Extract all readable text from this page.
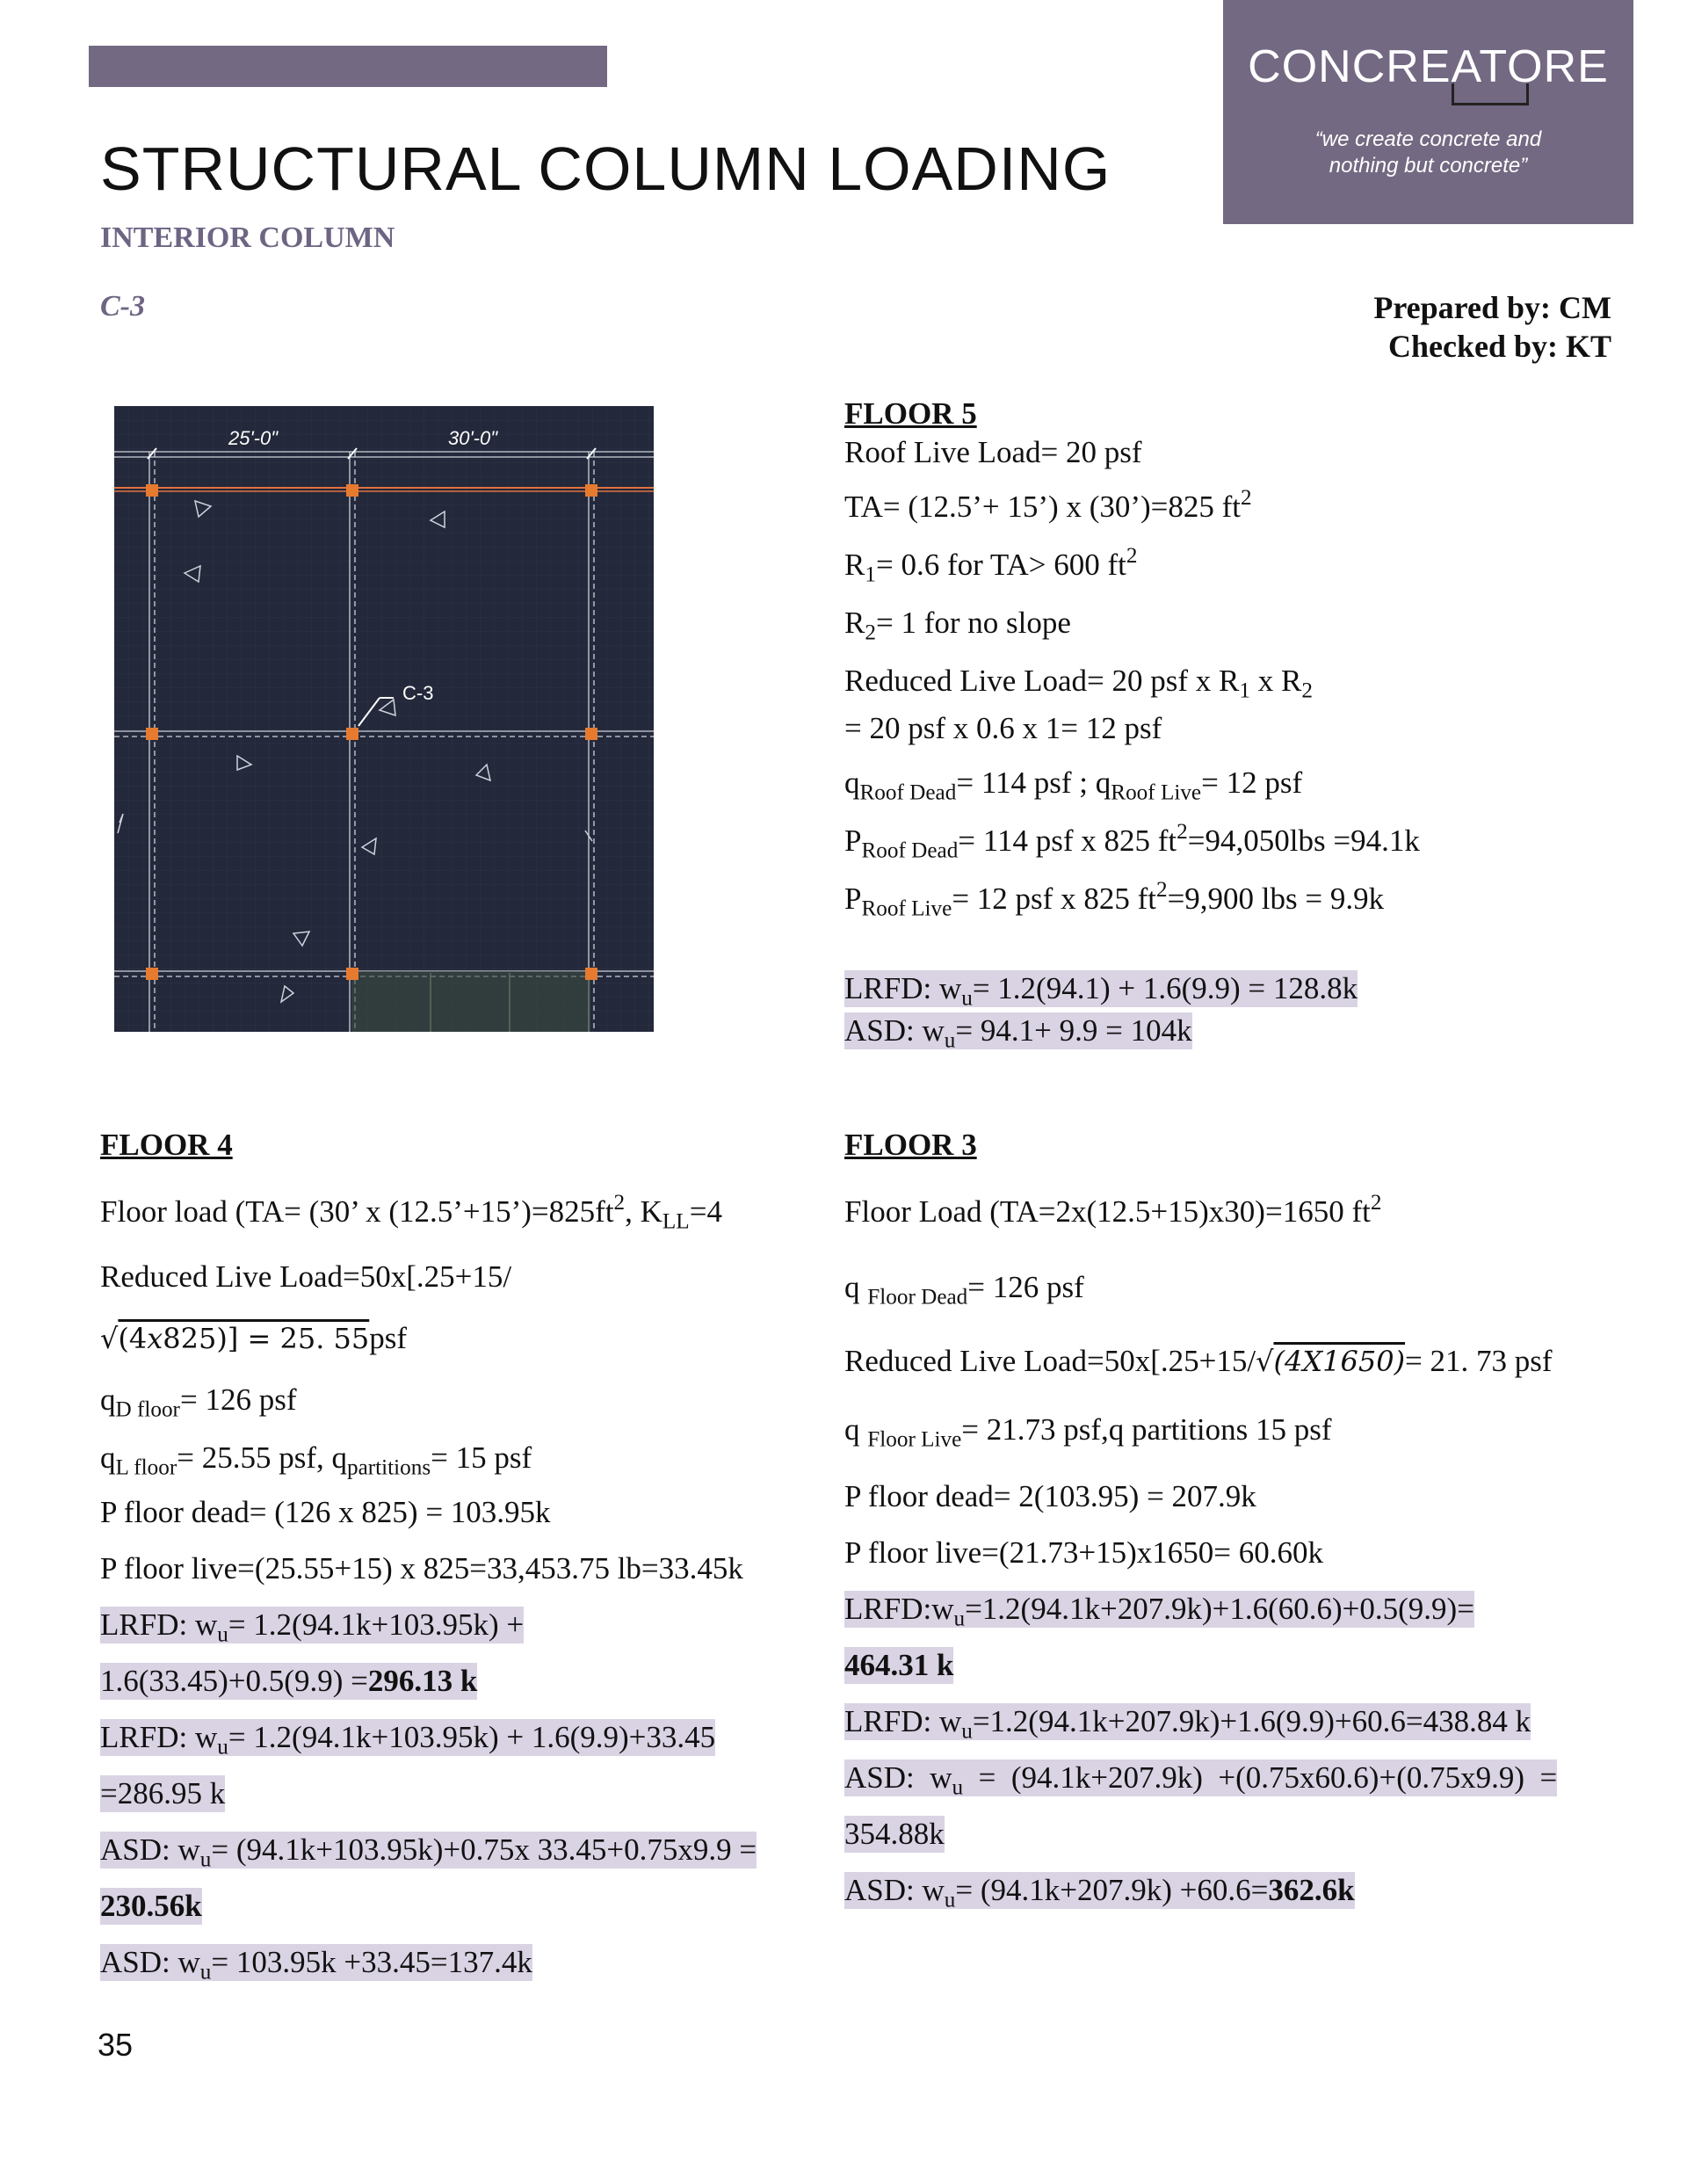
CONCREATORE
“we create concrete and
nothing but concrete”
STRUCTURAL COLUMN LOADING
INTERIOR COLUMN
C-3	Prepared by: CM
Checked by: KT
25'-0"	30'-0"
C-3
FLOOR 5
Roof Live Load= 20 psf
TA= (12.5’+ 15’) x (30’)=825 $ft^2$
$R_1= 0.6$ for TA> 600 $ft^2$
$R_2= 1$ for no slope
Reduced Live Load= 20 psf x $R_1$ x $R_2$
= 20 psf x 0.6 x 1= 12 psf
$q_{Roof Dead}= 114$ psf ; $q_{Roof Live}= 12$ psf
$P_{Roof Dead}= 114$ psf x 825 $ft^2=94,050lbs =94.1k$
$P_{Roof Live}= 12$ psf x 825 $ft^2=9,900$ lbs = 9.9k
LRFD: $w_u= 1.2(94.1) + 1.6(9.9) = 128.8k$
ASD: $w_u= 94.1+ 9.9 = 104k$
FLOOR 4
Floor load (TA= (30’ x $(12.5’+15’)=825ft^2$, $K_{LL}=4$
Reduced Live Load=50x[.25+15/
√(4𝑥825)] = 25. 55psf
$q_{D floor}= 126$ psf
$q_{L floor}= 25.55$ psf, $q_{partitions}= 15$ psf
P floor dead= (126 x 825) = 103.95k
P floor live=(25.55+15) x 825=33,453.75 lb=33.45k
LRFD: $w_u= 1.2(94.1k+103.95k)$ +
1.6(33.45)+0.5(9.9) =296.13 k
LRFD: $w_u= 1.2(94.1k+103.95k) + 1.6(9.9)+33.45$
=286.95 k
ASD: $w_u= (94.1k+103.95k)+0.75x$ 33.45+0.75x9.9 =
230.56k
ASD: $w_u= 103.95k +33.45=137.4k$
FLOOR 3
Floor Load (TA=2x(12.5+15)x30)=1650 $ft^2$
q $_{Floor Dead}$= 126 psf
Reduced Live Load=50x[.25+15/√(4𝑋1650)= 21. 73 psf
q $_{Floor Live}$= 21.73 psf,q partitions 15 psf
P floor dead= 2(103.95) = 207.9k
P floor live=(21.73+15)x1650= 60.60k
$LRFD:w_u=1.2(94.1k+207.9k)+1.6(60.6)+0.5(9.9)=$
464.31 k
LRFD: $w_u=1.2(94.1k+207.9k)+1.6(9.9)+60.6=438.84$ k
ASD:  $w_u = (94.1k+207.9k) +(0.75x60.6)+(0.75x9.9)$  =
354.88k
ASD: $w_u= (94.1k+207.9k) +60.6=362.6k$
35
